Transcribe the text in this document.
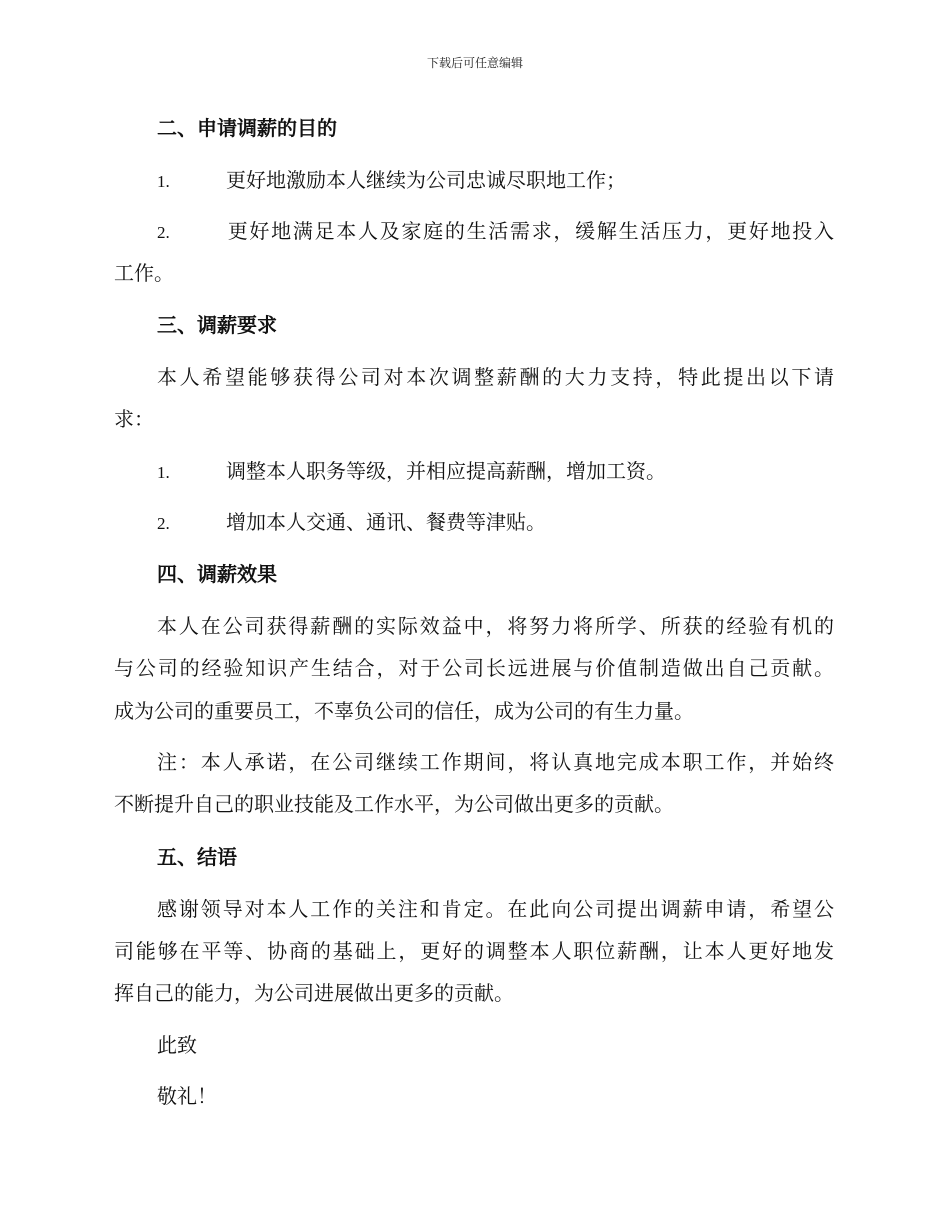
下载后可任意编辑
二、申请调薪的目的
1.	更好地激励本人继续为公司忠诚尽职地工作；
2.	更好地满足本人及家庭的生活需求，缓解生活压力，更好地投入
工作。
三、调薪要求
本人希望能够获得公司对本次调整薪酬的大力支持，特此提出以下请
求：
1.	调整本人职务等级，并相应提高薪酬，增加工资。
2.	增加本人交通、通讯、餐费等津贴。
四、调薪效果
本人在公司获得薪酬的实际效益中，将努力将所学、所获的经验有机的
与公司的经验知识产生结合，对于公司长远进展与价值制造做出自己贡献。
成为公司的重要员工，不辜负公司的信任，成为公司的有生力量。
注：本人承诺，在公司继续工作期间，将认真地完成本职工作，并始终
不断提升自己的职业技能及工作水平，为公司做出更多的贡献。
五、结语
感谢领导对本人工作的关注和肯定。在此向公司提出调薪申请，希望公
司能够在平等、协商的基础上，更好的调整本人职位薪酬，让本人更好地发
挥自己的能力，为公司进展做出更多的贡献。
此致
敬礼！
